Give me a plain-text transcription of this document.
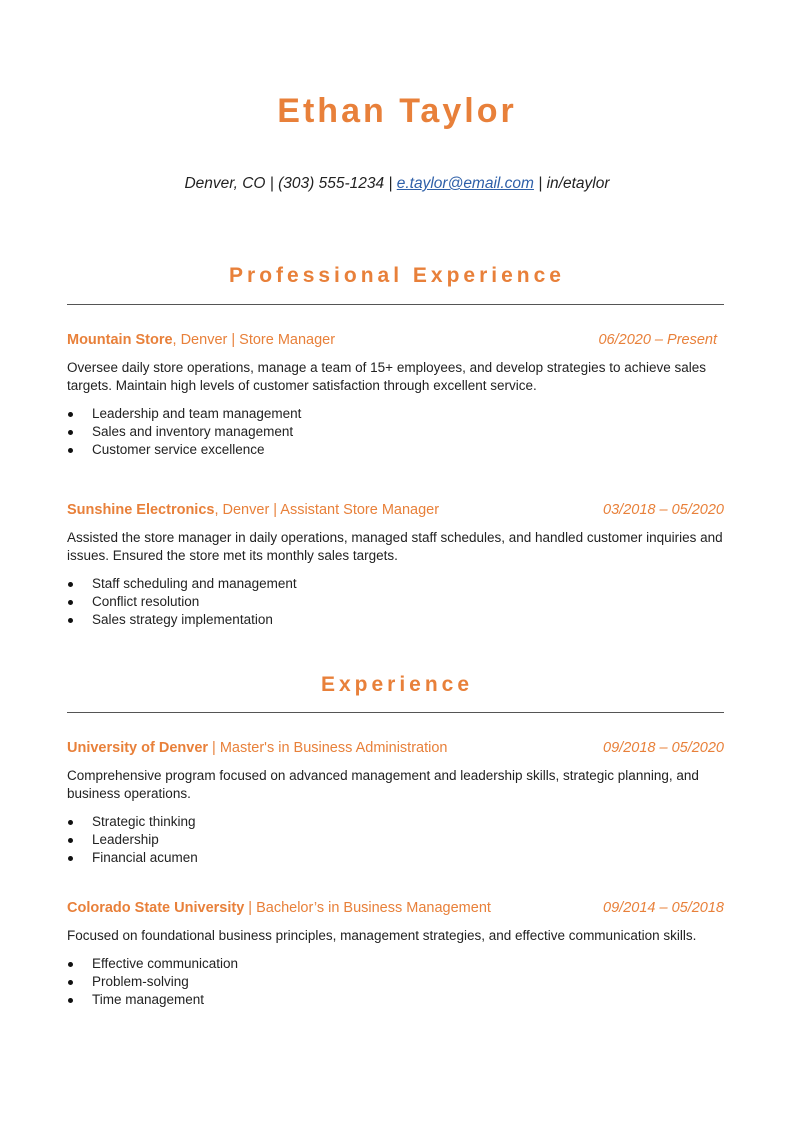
Ethan Taylor
Denver, CO | (303) 555-1234 | e.taylor@email.com | in/etaylor
Professional Experience
Mountain Store, Denver | Store Manager	06/2020 – Present
Oversee daily store operations, manage a team of 15+ employees, and develop strategies to achieve sales targets. Maintain high levels of customer satisfaction through excellent service.
Leadership and team management
Sales and inventory management
Customer service excellence
Sunshine Electronics, Denver | Assistant Store Manager	03/2018 – 05/2020
Assisted the store manager in daily operations, managed staff schedules, and handled customer inquiries and issues. Ensured the store met its monthly sales targets.
Staff scheduling and management
Conflict resolution
Sales strategy implementation
Experience
University of Denver | Master's in Business Administration	09/2018 – 05/2020
Comprehensive program focused on advanced management and leadership skills, strategic planning, and business operations.
Strategic thinking
Leadership
Financial acumen
Colorado State University | Bachelor’s in Business Management	09/2014 – 05/2018
Focused on foundational business principles, management strategies, and effective communication skills.
Effective communication
Problem-solving
Time management
